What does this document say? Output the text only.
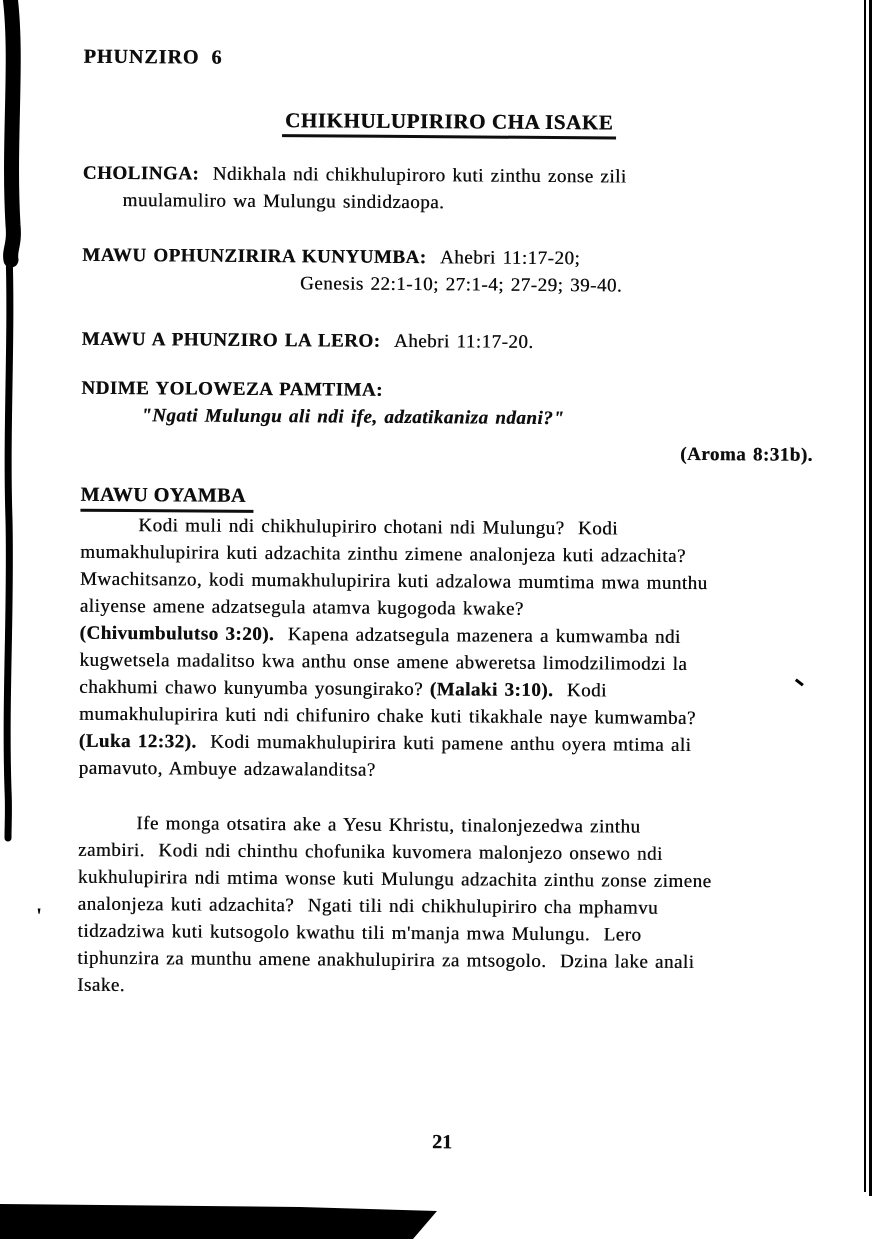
PHUNZIRO  6
CHIKHULUPIRIRO CHA ISAKE
CHOLINGA:  Ndikhala ndi chikhulupiroro kuti zinthu zonse zili
muulamuliro wa Mulungu sindidzaopa.
MAWU OPHUNZIRIRA KUNYUMBA:  Ahebri 11:17-20;
Genesis 22:1-10; 27:1-4; 27-29; 39-40.
MAWU A PHUNZIRO LA LERO:  Ahebri 11:17-20.
NDIME YOLOWEZA PAMTIMA:
"Ngati Mulungu ali ndi ife, adzatikaniza ndani?"
(Aroma 8:31b).
MAWU OYAMBA
Kodi muli ndi chikhulupiriro chotani ndi Mulungu?  Kodi
mumakhulupirira kuti adzachita zinthu zimene analonjeza kuti adzachita?
Mwachitsanzo, kodi mumakhulupirira kuti adzalowa mumtima mwa munthu
aliyense amene adzatsegula atamva kugogoda kwake?
(Chivumbulutso 3:20).  Kapena adzatsegula mazenera a kumwamba ndi
kugwetsela madalitso kwa anthu onse amene abweretsa limodzilimodzi la
chakhumi chawo kunyumba yosungirako? (Malaki 3:10).  Kodi
mumakhulupirira kuti ndi chifuniro chake kuti tikakhale naye kumwamba?
(Luka 12:32).  Kodi mumakhulupirira kuti pamene anthu oyera mtima ali
pamavuto, Ambuye adzawalanditsa?
Ife monga otsatira ake a Yesu Khristu, tinalonjezedwa zinthu
zambiri.  Kodi ndi chinthu chofunika kuvomera malonjezo onsewo ndi
kukhulupirira ndi mtima wonse kuti Mulungu adzachita zinthu zonse zimene
analonjeza kuti adzachita?  Ngati tili ndi chikhulupiriro cha mphamvu
tidzadziwa kuti kutsogolo kwathu tili m'manja mwa Mulungu.  Lero
tiphunzira za munthu amene anakhulupirira za mtsogolo.  Dzina lake anali
Isake.
21
'
